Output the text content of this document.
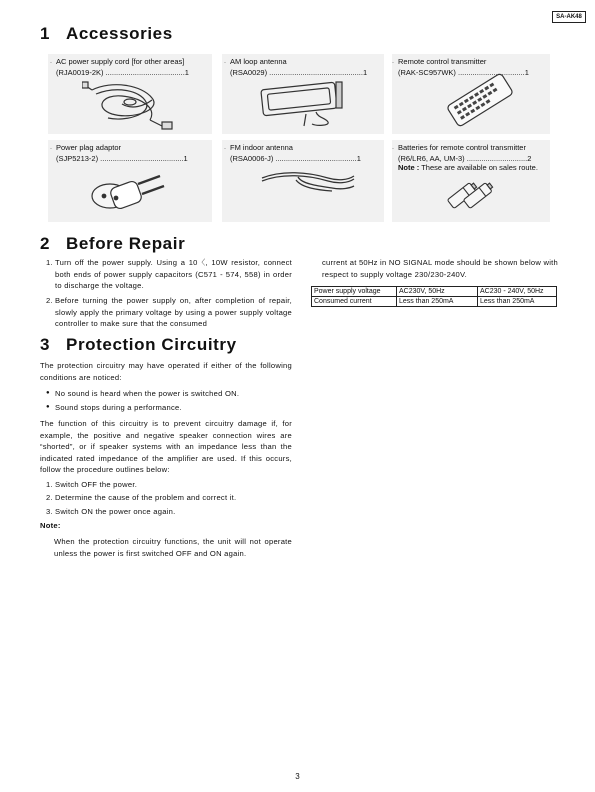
SA-AK48
1 Accessories
· AC power supply cord [for other areas]
(RJA0019-2K) ......................................1
· AM loop antenna
(RSA0029) .............................................1
· Remote control transmitter
(RAK-SC957WK) ................................1
· Power plag adaptor
(SJP5213-2) ........................................1
· FM indoor antenna
(RSA0006-J) .......................................1
· Batteries for remote control transmitter
(R6/LR6, AA, UM-3) .............................2
Note : These are available on sales route.
2 Before Repair
1. Turn off the power supply. Using a 10〈, 10W resistor, connect both ends of power supply capacitors (C571 - 574, 558) in order to discharge the voltage.
2. Before turning the power supply on, after completion of repair, slowly apply the primary voltage by using a power supply voltage controller to make sure that the consumed
current at 50Hz in NO SIGNAL mode should be shown below with respect to supply voltage 230/230-240V.
Power supply voltage	AC230V, 50Hz	AC230 - 240V, 50Hz
Consumed current	Less than 250mA	Less than 250mA
3 Protection Circuitry
The protection circuitry may have operated if either of the following conditions are noticed:
● No sound is heard when the power is switched ON.
● Sound stops during a performance.
The function of this circuitry is to prevent circuitry damage if, for example, the positive and negative speaker connection wires are “shorted”, or if speaker systems with an impedance less than the indicated rated impedance of the amplifier are used. If this occurs, follow the procedure outlines below:
1. Switch OFF the power.
2. Determine the cause of the problem and correct it.
3. Switch ON the power once again.
Note:
When the protection circuitry functions, the unit will not operate unless the power is first switched OFF and ON again.
3
